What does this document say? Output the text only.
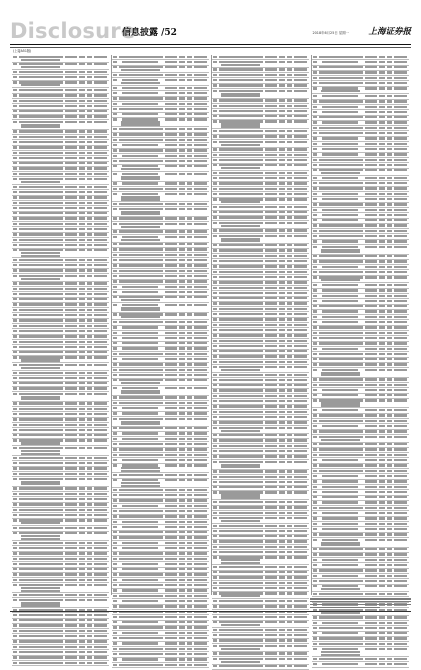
Disclosure
信息披露 /52	2018年6月25日 星期一 上海证券报
(上接A51版)
